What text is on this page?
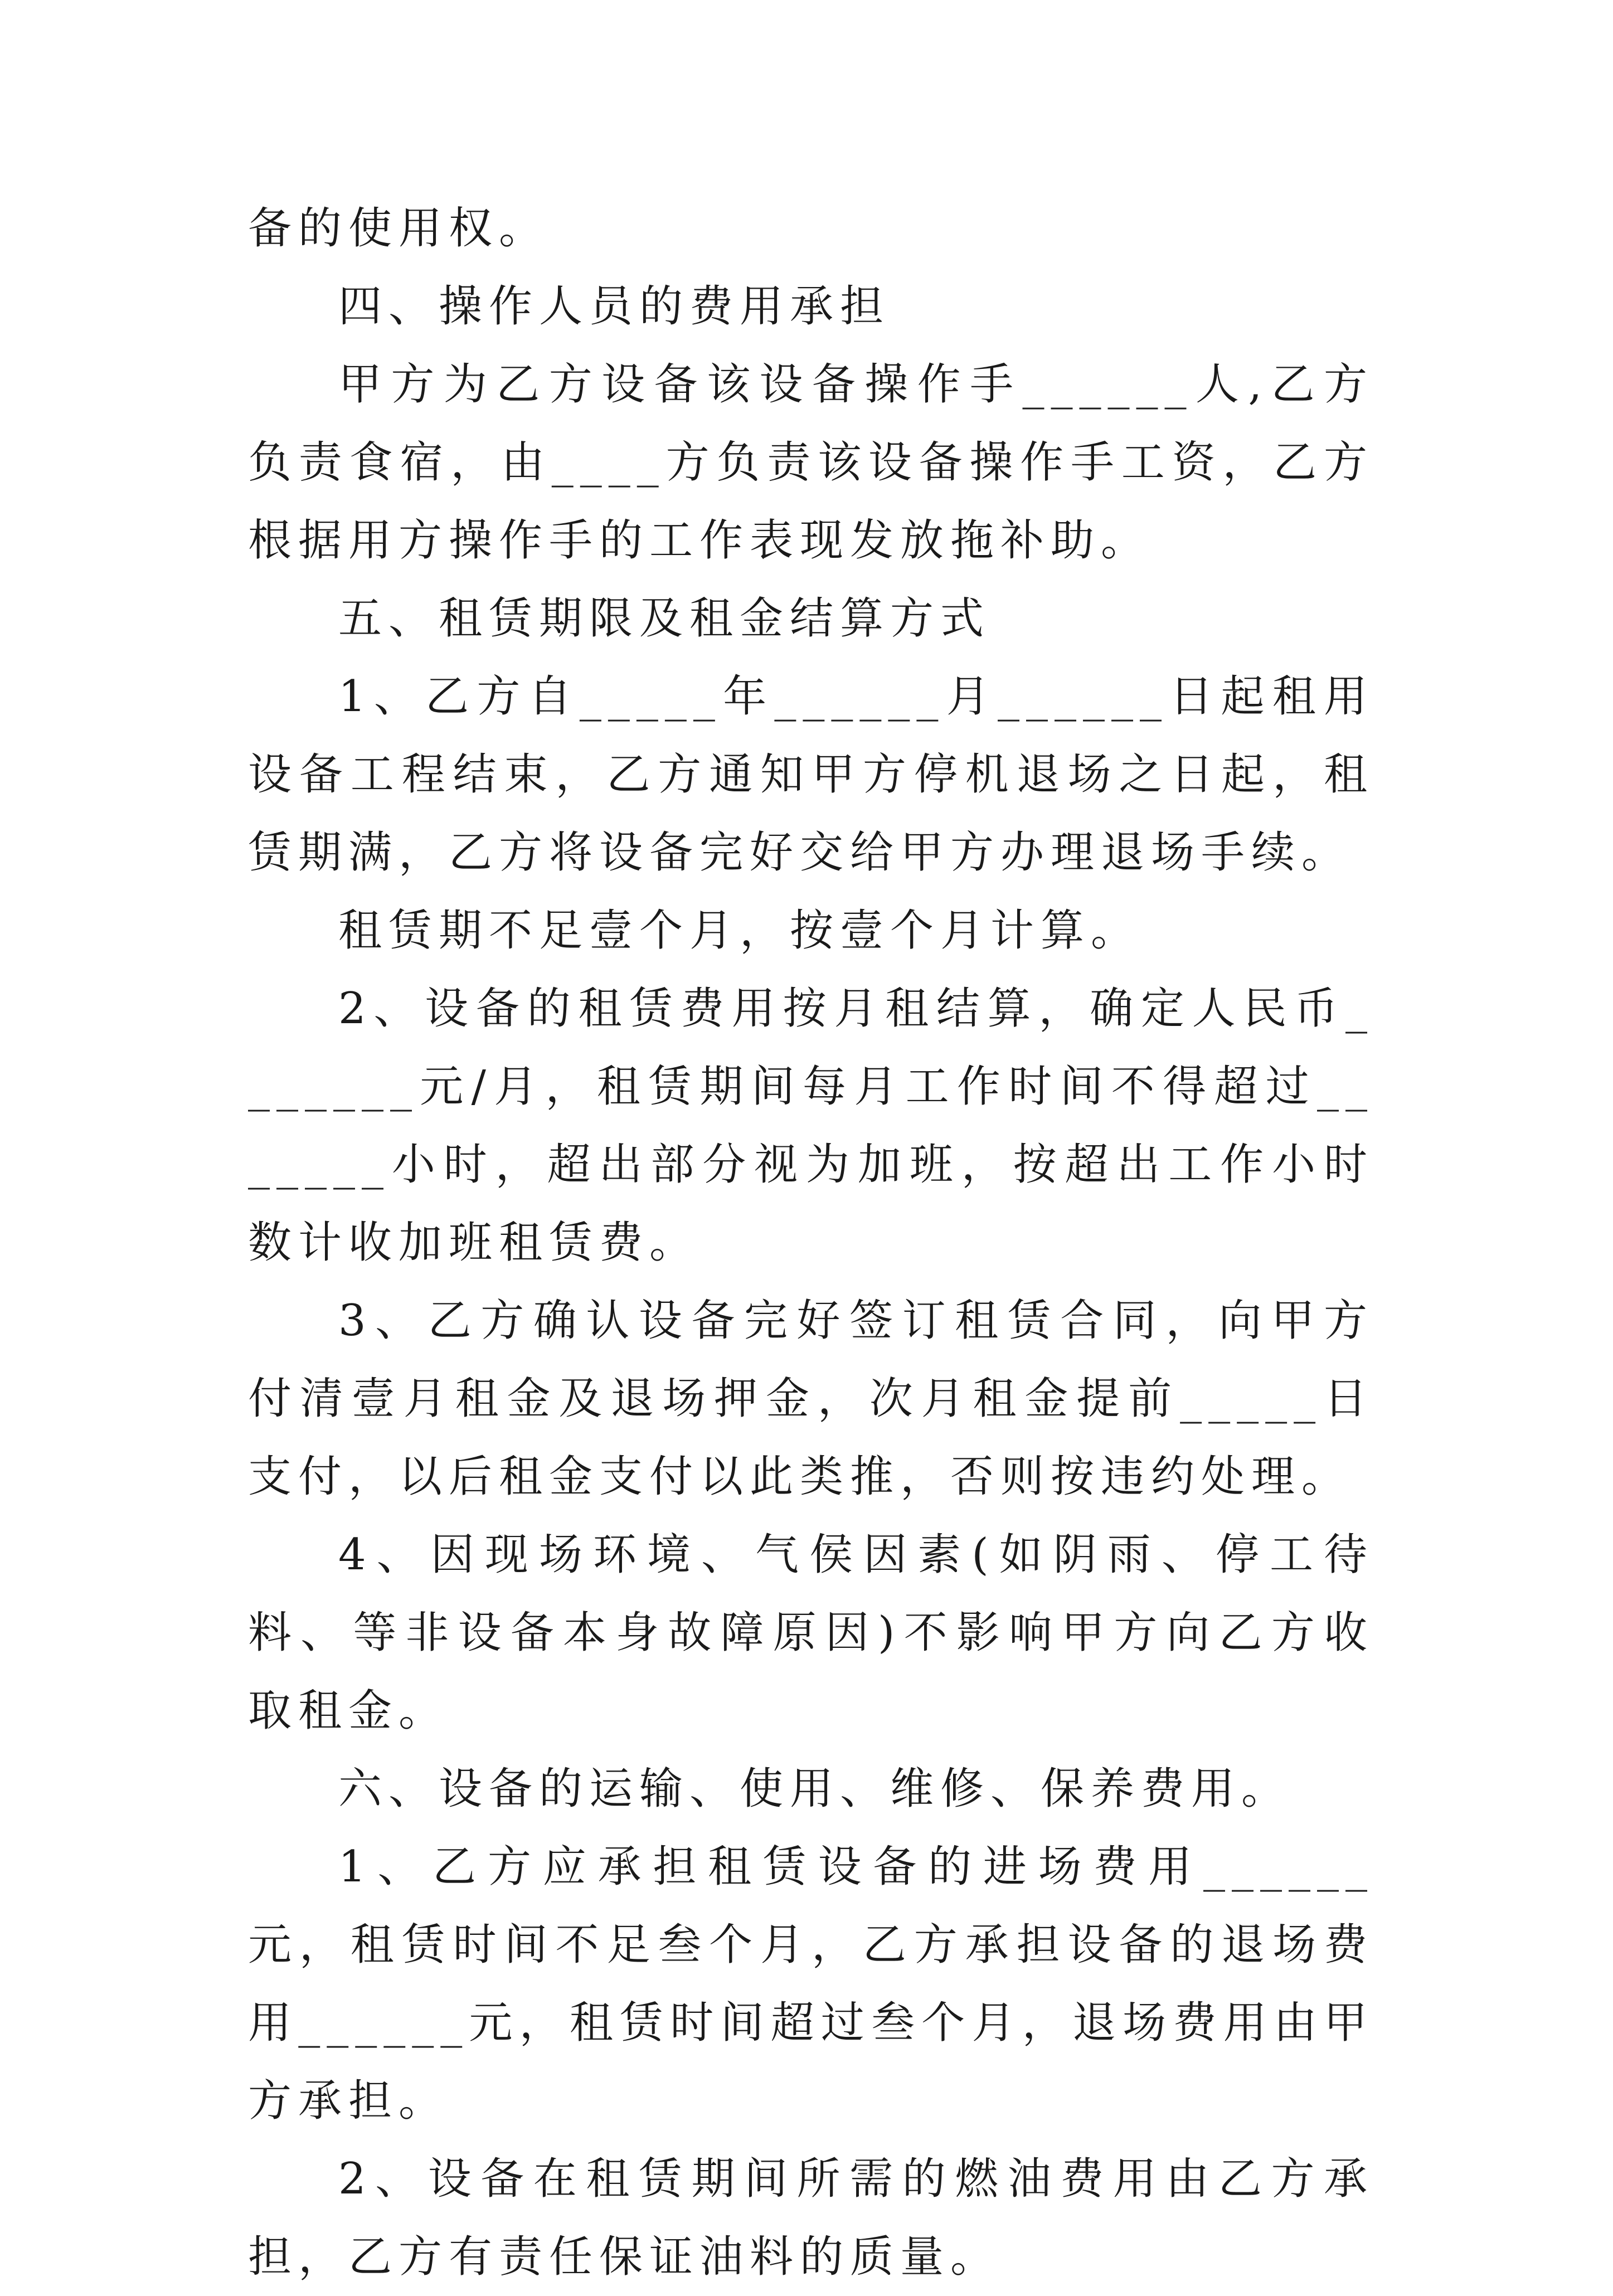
备的使用权。

四、操作人员的费用承担

甲方为乙方设备该设备操作手______人,乙方负责食宿，由____方负责该设备操作手工资，乙方根据用方操作手的工作表现发放拖补助。

五、租赁期限及租金结算方式

1、乙方自_____年______月______日起租用设备工程结束，乙方通知甲方停机退场之日起，租赁期满，乙方将设备完好交给甲方办理退场手续。

租赁期不足壹个月，按壹个月计算。

2、设备的租赁费用按月租结算，确定人民币_______元/月，租赁期间每月工作时间不得超过_______小时，超出部分视为加班，按超出工作小时数计收加班租赁费。

3、乙方确认设备完好签订租赁合同，向甲方付清壹月租金及退场押金，次月租金提前_____日支付，以后租金支付以此类推，否则按违约处理。

4、因现场环境、气侯因素(如阴雨、停工待料、等非设备本身故障原因)不影响甲方向乙方收取租金。

六、设备的运输、使用、维修、保养费用。

1、乙方应承担租赁设备的进场费用______元，租赁时间不足叁个月，乙方承担设备的退场费用______元，租赁时间超过叁个月，退场费用由甲方承担。

2、设备在租赁期间所需的燃油费用由乙方承担，乙方有责任保证油料的质量。
